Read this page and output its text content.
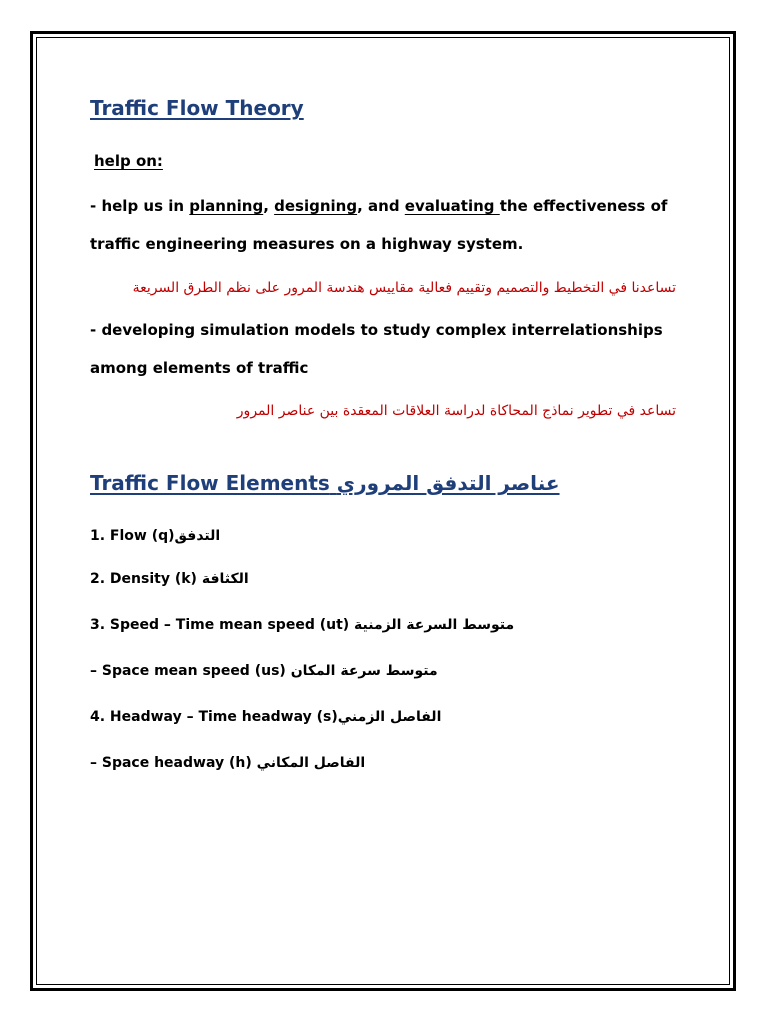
Traffic Flow Theory
help on:
- help us in planning, designing, and evaluating the effectiveness of
traffic engineering measures on a highway system.
تساعدنا في التخطيط والتصميم وتقييم فعالية مقاييس هندسة المرور على نظم الطرق السريعة
- developing simulation models to study complex interrelationships
among elements of traffic
تساعد في تطوير نماذج المحاكاة لدراسة العلاقات المعقدة بين عناصر المرور
Traffic Flow Elements عناصر التدفق المروري
1. Flow (q)التدفق
2. Density (k) الكثافة
3. Speed – Time mean speed (ut) متوسط السرعة الزمنية
– Space mean speed (us) متوسط سرعة المكان
4. Headway – Time headway (s)الفاصل الزمني
– Space headway (h) الفاصل المكاني
